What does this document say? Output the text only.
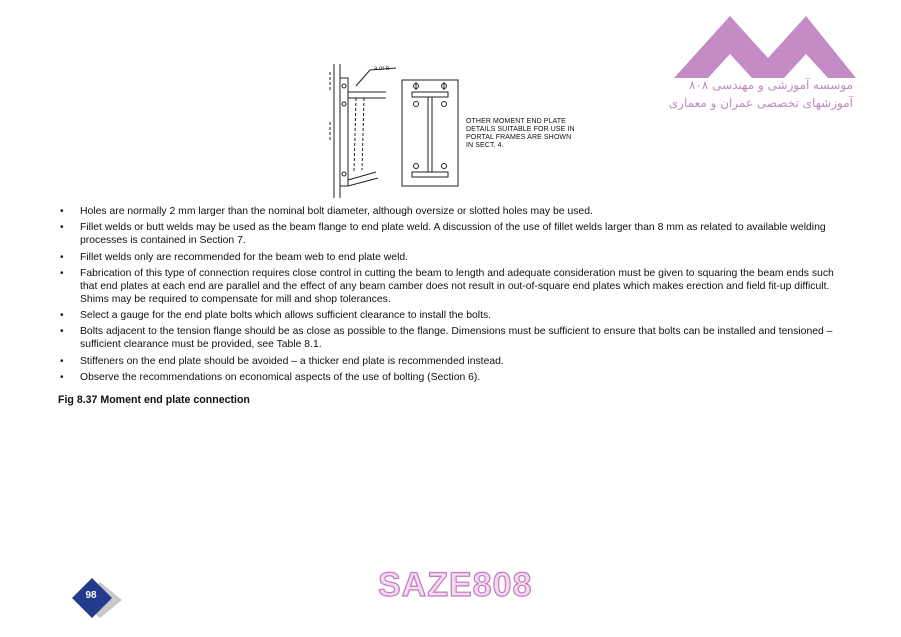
a or b
OTHER MOMENT END PLATE DETAILS SUITABLE FOR USE IN PORTAL FRAMES ARE SHOWN IN SECT. 4.
موسسه آموزشی و مهندسی ۸۰۸
آموزشهای تخصصی عمران و معماری
• Holes are normally 2 mm larger than the nominal bolt diameter, although oversize or slotted holes may be used.
• Fillet welds or butt welds may be used as the beam flange to end plate weld. A discussion of the use of fillet welds larger than 8 mm as related to available welding processes is contained in Section 7.
• Fillet welds only are recommended for the beam web to end plate weld.
• Fabrication of this type of connection requires close control in cutting the beam to length and adequate consideration must be given to squaring the beam ends such that end plates at each end are parallel and the effect of any beam camber does not result in out-of-square end plates which makes erection and field fit-up difficult. Shims may be required to compensate for mill and shop tolerances.
• Select a gauge for the end plate bolts which allows sufficient clearance to install the bolts.
• Bolts adjacent to the tension flange should be as close as possible to the flange. Dimensions must be sufficient to ensure that bolts can be installed and tensioned – sufficient clearance must be provided, see Table 8.1.
• Stiffeners on the end plate should be avoided – a thicker end plate is recommended instead.
• Observe the recommendations on economical aspects of the use of bolting (Section 6).
Fig 8.37 Moment end plate connection
SAZE808
98
